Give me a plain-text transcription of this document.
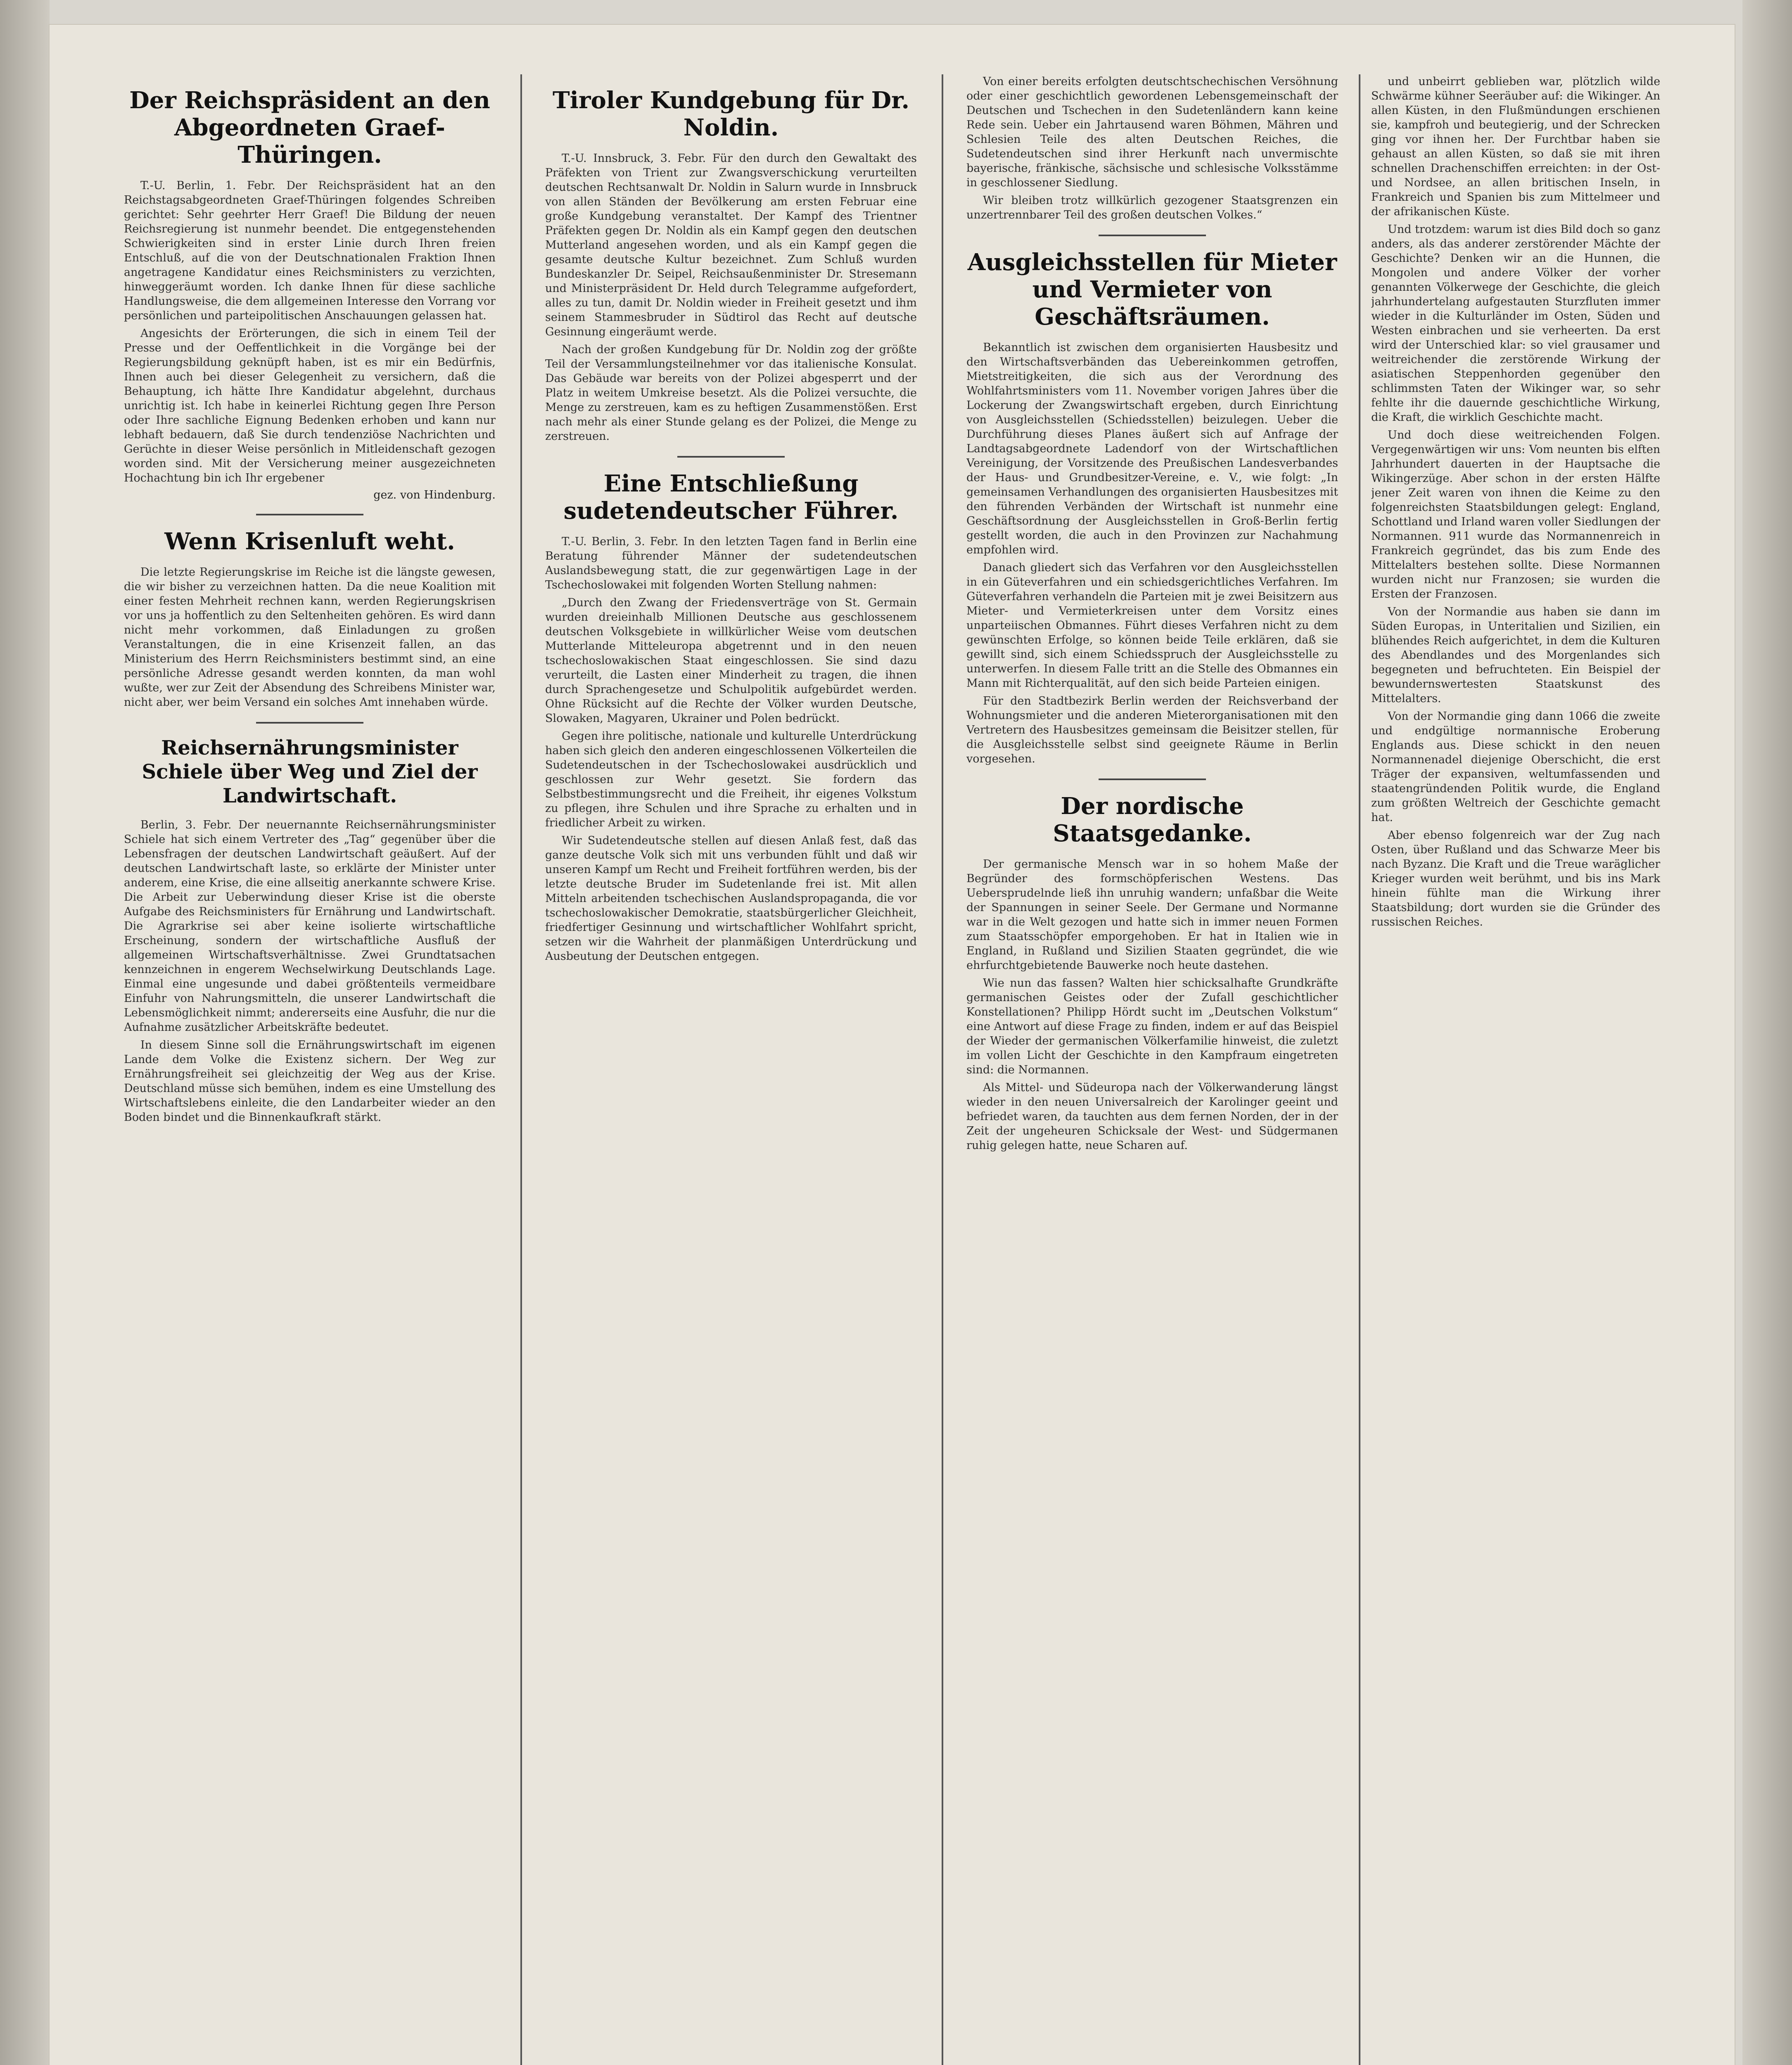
Der Reichspräsident an den Abgeordneten Graef-Thüringen.

T.-U. Berlin, 1. Febr. Der Reichspräsident hat an den Reichstagsabgeordneten Graef-Thüringen folgendes Schreiben gerichtet: Sehr geehrter Herr Graef! Die Bildung der neuen Reichsregierung ist nunmehr beendet. Die entgegenstehenden Schwierigkeiten sind in erster Linie durch Ihren freien Entschluß, auf die von der Deutschnationalen Fraktion Ihnen angetragene Kandidatur eines Reichsministers zu verzichten, hinweggeräumt worden. Ich danke Ihnen für diese sachliche Handlungsweise, die dem allgemeinen Interesse den Vorrang vor persönlichen und parteipolitischen Anschauungen gelassen hat.

Angesichts der Erörterungen, die sich in einem Teil der Presse und der Oeffentlichkeit in die Vorgänge bei der Regierungsbildung geknüpft haben, ist es mir ein Bedürfnis, Ihnen auch bei dieser Gelegenheit zu versichern, daß die Behauptung, ich hätte Ihre Kandidatur abgelehnt, durchaus unrichtig ist. Ich habe in keinerlei Richtung gegen Ihre Person oder Ihre sachliche Eignung Bedenken erhoben und kann nur lebhaft bedauern, daß Sie durch tendenziöse Nachrichten und Gerüchte in dieser Weise persönlich in Mitleidenschaft gezogen worden sind. Mit der Versicherung meiner ausgezeichneten Hochachtung bin ich Ihr ergebener

gez. von Hindenburg.
Wenn Krisenluft weht.

Die letzte Regierungskrise im Reiche ist die längste gewesen, die wir bisher zu verzeichnen hatten. Da die neue Koalition mit einer festen Mehrheit rechnen kann, werden Regierungskrisen vor uns ja hoffentlich zu den Seltenheiten gehören. Es wird dann nicht mehr vorkommen, daß Einladungen zu großen Veranstaltungen, die in eine Krisenzeit fallen, an das Ministerium des Herrn Reichsministers bestimmt sind, an eine persönliche Adresse gesandt werden konnten, da man wohl wußte, wer zur Zeit der Absendung des Schreibens Minister war, nicht aber, wer beim Versand ein solches Amt innehaben würde.

Reichsernährungsminister Schiele über Weg und Ziel der Landwirtschaft.

Berlin, 3. Febr. Der neuernannte Reichsernährungsminister Schiele hat sich einem Vertreter des „Tag“ gegenüber über die Lebensfragen der deutschen Landwirtschaft geäußert. Auf der deutschen Landwirtschaft laste, so erklärte der Minister unter anderem, eine Krise, die eine allseitig anerkannte schwere Krise. Die Arbeit zur Ueberwindung dieser Krise ist die oberste Aufgabe des Reichsministers für Ernährung und Landwirtschaft. Die Agrarkrise sei aber keine isolierte wirtschaftliche Erscheinung, sondern der wirtschaftliche Ausfluß der allgemeinen Wirtschaftsverhältnisse. Zwei Grundtatsachen kennzeichnen in engerem Wechselwirkung Deutschlands Lage. Einmal eine ungesunde und dabei größtenteils vermeidbare Einfuhr von Nahrungsmitteln, die unserer Landwirtschaft die Lebensmöglichkeit nimmt; andererseits eine Ausfuhr, die nur die Aufnahme zusätzlicher Arbeitskräfte bedeutet.

In diesem Sinne soll die Ernährungswirtschaft im eigenen Lande dem Volke die Existenz sichern. Der Weg zur Ernährungsfreiheit sei gleichzeitig der Weg aus der Krise. Deutschland müsse sich bemühen, indem es eine Umstellung des Wirtschaftslebens einleite, die den Landarbeiter wieder an den Boden bindet und die Binnenkaufkraft stärkt.

Tiroler Kundgebung für Dr. Noldin.

T.-U. Innsbruck, 3. Febr. Für den durch den Gewaltakt des Präfekten von Trient zur Zwangsverschickung verurteilten deutschen Rechtsanwalt Dr. Noldin in Salurn wurde in Innsbruck von allen Ständen der Bevölkerung am ersten Februar eine große Kundgebung veranstaltet. Der Kampf des Trientner Präfekten gegen Dr. Noldin als ein Kampf gegen den deutschen Mutterland angesehen worden, und als ein Kampf gegen die gesamte deutsche Kultur bezeichnet. Zum Schluß wurden Bundeskanzler Dr. Seipel, Reichsaußenminister Dr. Stresemann und Ministerpräsident Dr. Held durch Telegramme aufgefordert, alles zu tun, damit Dr. Noldin wieder in Freiheit gesetzt und ihm seinem Stammesbruder in Südtirol das Recht auf deutsche Gesinnung eingeräumt werde.

Nach der großen Kundgebung für Dr. Noldin zog der größte Teil der Versammlungsteilnehmer vor das italienische Konsulat. Das Gebäude war bereits von der Polizei abgesperrt und der Platz in weitem Umkreise besetzt. Als die Polizei versuchte, die Menge zu zerstreuen, kam es zu heftigen Zusammenstößen. Erst nach mehr als einer Stunde gelang es der Polizei, die Menge zu zerstreuen.

Eine Entschließung sudetendeutscher Führer.

T.-U. Berlin, 3. Febr. In den letzten Tagen fand in Berlin eine Beratung führender Männer der sudetendeutschen Auslandsbewegung statt, die zur gegenwärtigen Lage in der Tschechoslowakei mit folgenden Worten Stellung nahmen:

„Durch den Zwang der Friedensverträge von St. Germain wurden dreieinhalb Millionen Deutsche aus geschlossenem deutschen Volksgebiete in willkürlicher Weise vom deutschen Mutterlande Mitteleuropa abgetrennt und in den neuen tschechoslowakischen Staat eingeschlossen. Sie sind dazu verurteilt, die Lasten einer Minderheit zu tragen, die ihnen durch Sprachengesetze und Schulpolitik aufgebürdet werden. Ohne Rücksicht auf die Rechte der Völker wurden Deutsche, Slowaken, Magyaren, Ukrainer und Polen bedrückt.

Gegen ihre politische, nationale und kulturelle Unterdrückung haben sich gleich den anderen eingeschlossenen Völkerteilen die Sudetendeutschen in der Tschechoslowakei ausdrücklich und geschlossen zur Wehr gesetzt. Sie fordern das Selbstbestimmungsrecht und die Freiheit, ihr eigenes Volkstum zu pflegen, ihre Schulen und ihre Sprache zu erhalten und in friedlicher Arbeit zu wirken.

Wir Sudetendeutsche stellen auf diesen Anlaß fest, daß das ganze deutsche Volk sich mit uns verbunden fühlt und daß wir unseren Kampf um Recht und Freiheit fortführen werden, bis der letzte deutsche Bruder im Sudetenlande frei ist. Mit allen Mitteln arbeitenden tschechischen Auslandspropaganda, die vor tschechoslowakischer Demokratie, staatsbürgerlicher Gleichheit, friedfertiger Gesinnung und wirtschaftlicher Wohlfahrt spricht, setzen wir die Wahrheit der planmäßigen Unterdrückung und Ausbeutung der Deutschen entgegen.

Von einer bereits erfolgten deutschtschechischen Versöhnung oder einer geschichtlich gewordenen Lebensgemeinschaft der Deutschen und Tschechen in den Sudetenländern kann keine Rede sein. Ueber ein Jahrtausend waren Böhmen, Mähren und Schlesien Teile des alten Deutschen Reiches, die Sudetendeutschen sind ihrer Herkunft nach unvermischte bayerische, fränkische, sächsische und schlesische Volksstämme in geschlossener Siedlung.

Wir bleiben trotz willkürlich gezogener Staatsgrenzen ein unzertrennbarer Teil des großen deutschen Volkes.“

Ausgleichsstellen für Mieter und Vermieter von Geschäftsräumen.

Bekanntlich ist zwischen dem organisierten Hausbesitz und den Wirtschaftsverbänden das Uebereinkommen getroffen, Mietstreitigkeiten, die sich aus der Verordnung des Wohlfahrtsministers vom 11. November vorigen Jahres über die Lockerung der Zwangswirtschaft ergeben, durch Einrichtung von Ausgleichsstellen (Schiedsstellen) beizulegen. Ueber die Durchführung dieses Planes äußert sich auf Anfrage der Landtagsabgeordnete Ladendorf von der Wirtschaftlichen Vereinigung, der Vorsitzende des Preußischen Landesverbandes der Haus- und Grundbesitzer-Vereine, e. V., wie folgt: „In gemeinsamen Verhandlungen des organisierten Hausbesitzes mit den führenden Verbänden der Wirtschaft ist nunmehr eine Geschäftsordnung der Ausgleichsstellen in Groß-Berlin fertig gestellt worden, die auch in den Provinzen zur Nachahmung empfohlen wird.

Danach gliedert sich das Verfahren vor den Ausgleichsstellen in ein Güteverfahren und ein schiedsgerichtliches Verfahren. Im Güteverfahren verhandeln die Parteien mit je zwei Beisitzern aus Mieter- und Vermieterkreisen unter dem Vorsitz eines unparteiischen Obmannes. Führt dieses Verfahren nicht zu dem gewünschten Erfolge, so können beide Teile erklären, daß sie gewillt sind, sich einem Schiedsspruch der Ausgleichsstelle zu unterwerfen. In diesem Falle tritt an die Stelle des Obmannes ein Mann mit Richterqualität, auf den sich beide Parteien einigen.

Für den Stadtbezirk Berlin werden der Reichsverband der Wohnungsmieter und die anderen Mieterorganisationen mit den Vertretern des Hausbesitzes gemeinsam die Beisitzer stellen, für die Ausgleichsstelle selbst sind geeignete Räume in Berlin vorgesehen.

Der nordische Staatsgedanke.

Der germanische Mensch war in so hohem Maße der Begründer des formschöpferischen Westens. Das Uebersprudelnde ließ ihn unruhig wandern; unfaßbar die Weite der Spannungen in seiner Seele. Der Germane und Normanne war in die Welt gezogen und hatte sich in immer neuen Formen zum Staatsschöpfer emporgehoben. Er hat in Italien wie in England, in Rußland und Sizilien Staaten gegründet, die wie ehrfurchtgebietende Bauwerke noch heute dastehen.

Wie nun das fassen? Walten hier schicksalhafte Grundkräfte germanischen Geistes oder der Zufall geschichtlicher Konstellationen? Philipp Hördt sucht im „Deutschen Volkstum“ eine Antwort auf diese Frage zu finden, indem er auf das Beispiel der Wieder der germanischen Völkerfamilie hinweist, die zuletzt im vollen Licht der Geschichte in den Kampfraum eingetreten sind: die Normannen.

Als Mittel- und Südeuropa nach der Völkerwanderung längst wieder in den neuen Universalreich der Karolinger geeint und befriedet waren, da tauchten aus dem fernen Norden, der in der Zeit der ungeheuren Schicksale der West- und Südgermanen ruhig gelegen hatte, neue Scharen auf.

und unbeirrt geblieben war, plötzlich wilde Schwärme kühner Seeräuber auf: die Wikinger. An allen Küsten, in den Flußmündungen erschienen sie, kampfroh und beutegierig, und der Schrecken ging vor ihnen her. Der Furchtbar haben sie gehaust an allen Küsten, so daß sie mit ihren schnellen Drachenschiffen erreichten: in der Ost- und Nordsee, an allen britischen Inseln, in Frankreich und Spanien bis zum Mittelmeer und der afrikanischen Küste.

Und trotzdem: warum ist dies Bild doch so ganz anders, als das anderer zerstörender Mächte der Geschichte? Denken wir an die Hunnen, die Mongolen und andere Völker der vorher genannten Völkerwege der Geschichte, die gleich jahrhundertelang aufgestauten Sturzfluten immer wieder in die Kulturländer im Osten, Süden und Westen einbrachen und sie verheerten. Da erst wird der Unterschied klar: so viel grausamer und weitreichender die zerstörende Wirkung der asiatischen Steppenhorden gegenüber den schlimmsten Taten der Wikinger war, so sehr fehlte ihr die dauernde geschichtliche Wirkung, die Kraft, die wirklich Geschichte macht.

Und doch diese weitreichenden Folgen. Vergegenwärtigen wir uns: Vom neunten bis elften Jahrhundert dauerten in der Hauptsache die Wikingerzüge. Aber schon in der ersten Hälfte jener Zeit waren von ihnen die Keime zu den folgenreichsten Staatsbildungen gelegt: England, Schottland und Irland waren voller Siedlungen der Normannen. 911 wurde das Normannenreich in Frankreich gegründet, das bis zum Ende des Mittelalters bestehen sollte. Diese Normannen wurden nicht nur Franzosen; sie wurden die Ersten der Franzosen.

Von der Normandie aus haben sie dann im Süden Europas, in Unteritalien und Sizilien, ein blühendes Reich aufgerichtet, in dem die Kulturen des Abendlandes und des Morgenlandes sich begegneten und befruchteten. Ein Beispiel der bewundernswertesten Staatskunst des Mittelalters.

Von der Normandie ging dann 1066 die zweite und endgültige normannische Eroberung Englands aus. Diese schickt in den neuen Normannenadel diejenige Oberschicht, die erst Träger der expansiven, weltumfassenden und staatengründenden Politik wurde, die England zum größten Weltreich der Geschichte gemacht hat.

Aber ebenso folgenreich war der Zug nach Osten, über Rußland und das Schwarze Meer bis nach Byzanz. Die Kraft und die Treue waräglicher Krieger wurden weit berühmt, und bis ins Mark hinein fühlte man die Wirkung ihrer Staatsbildung; dort wurden sie die Gründer des russischen Reiches.
